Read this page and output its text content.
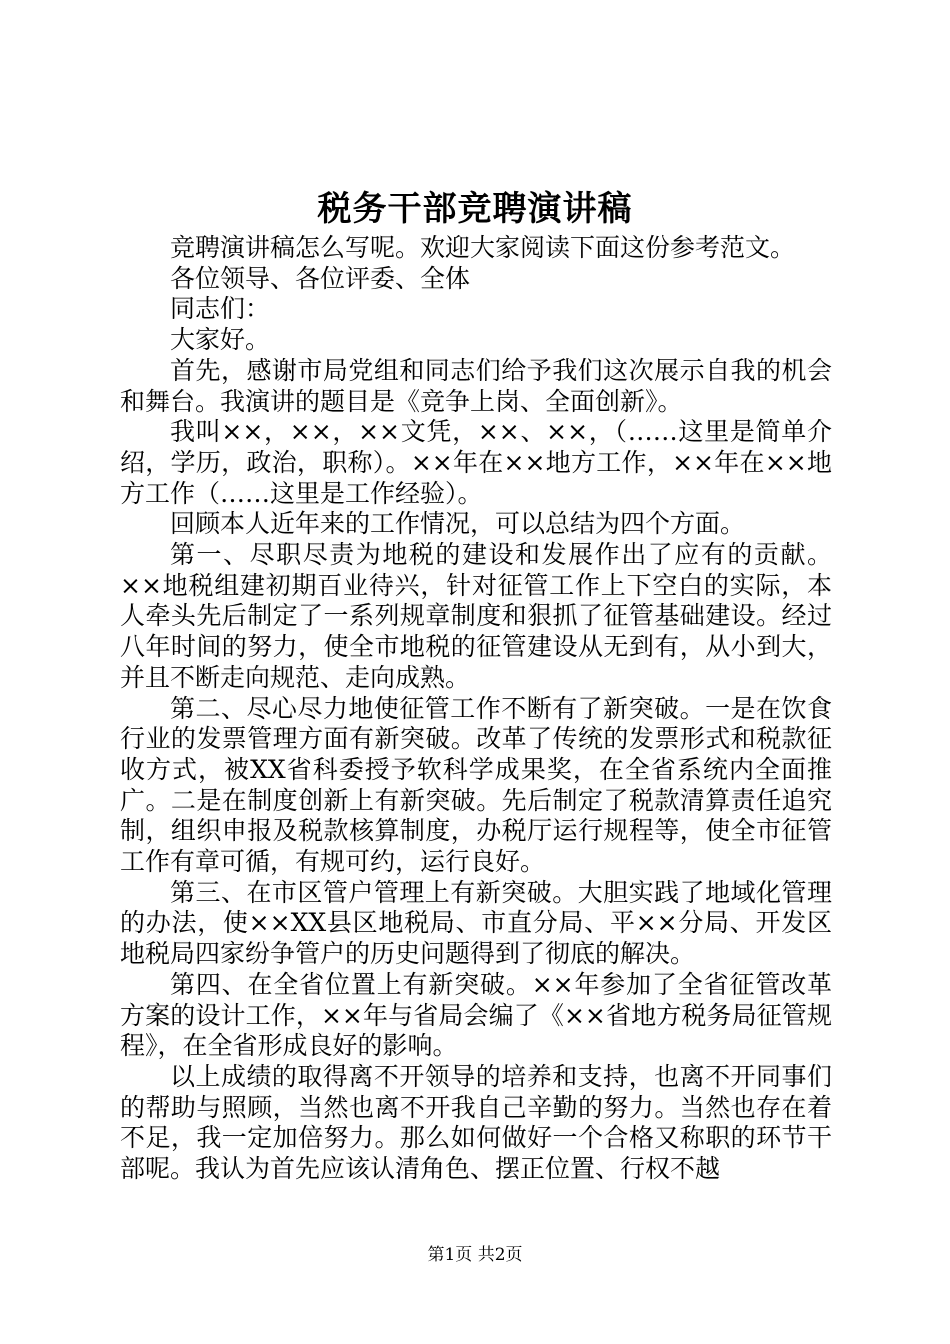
税务干部竞聘演讲稿

竞聘演讲稿怎么写呢。欢迎大家阅读下面这份参考范文。

各位领导、各位评委、全体

同志们：

大家好。

首先，感谢市局党组和同志们给予我们这次展示自我的机会和舞台。我演讲的题目是《竞争上岗、全面创新》。

我叫××，××，××文凭，××、××，（……这里是简单介绍，学历，政治，职称）。××年在××地方工作，××年在××地方工作（……这里是工作经验）。

回顾本人近年来的工作情况，可以总结为四个方面。

第一、尽职尽责为地税的建设和发展作出了应有的贡献。××地税组建初期百业待兴，针对征管工作上下空白的实际，本人牵头先后制定了一系列规章制度和狠抓了征管基础建设。经过八年时间的努力，使全市地税的征管建设从无到有，从小到大，并且不断走向规范、走向成熟。

第二、尽心尽力地使征管工作不断有了新突破。一是在饮食行业的发票管理方面有新突破。改革了传统的发票形式和税款征收方式，被XX省科委授予软科学成果奖，在全省系统内全面推广。二是在制度创新上有新突破。先后制定了税款清算责任追究制，组织申报及税款核算制度，办税厅运行规程等，使全市征管工作有章可循，有规可约，运行良好。

第三、在市区管户管理上有新突破。大胆实践了地域化管理的办法，使××XX县区地税局、市直分局、平××分局、开发区地税局四家纷争管户的历史问题得到了彻底的解决。

第四、在全省位置上有新突破。××年参加了全省征管改革方案的设计工作，××年与省局会编了《××省地方税务局征管规程》，在全省形成良好的影响。

以上成绩的取得离不开领导的培养和支持，也离不开同事们的帮助与照顾，当然也离不开我自己辛勤的努力。当然也存在着不足，我一定加倍努力。那么如何做好一个合格又称职的环节干部呢。我认为首先应该认清角色、摆正位置、行权不越

第1页 共2页
